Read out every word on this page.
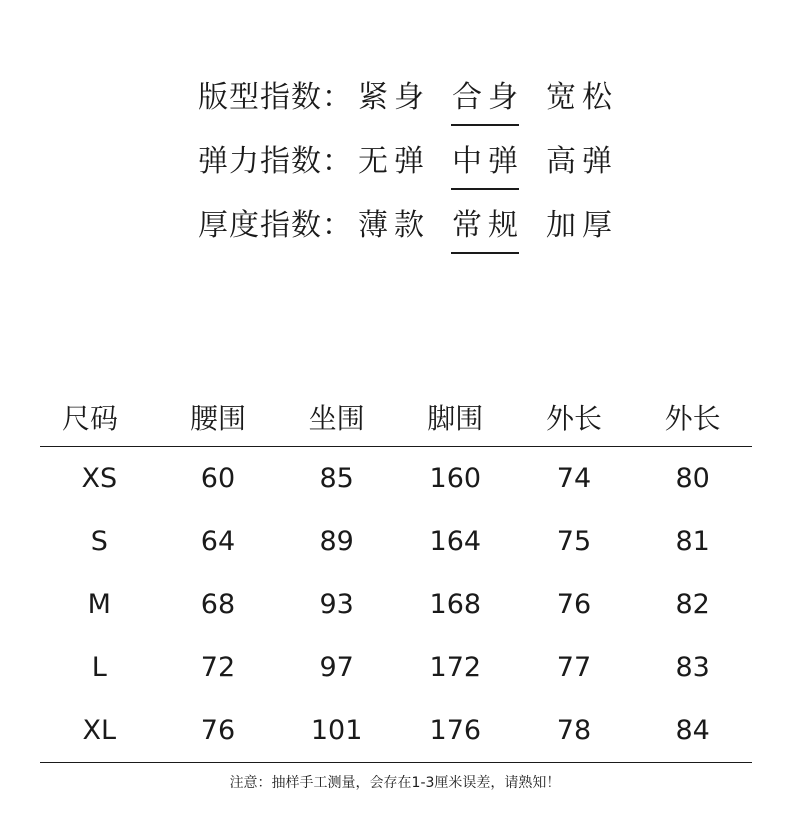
版型指数： 紧身 合身 宽松
弹力指数： 无弹 中弹 高弹
厚度指数： 薄款 常规 加厚
尺码	腰围	坐围	脚围	外长	外长
XS	60	85	160	74	80
S	64	89	164	75	81
M	68	93	168	76	82
L	72	97	172	77	83
XL	76	101	176	78	84
注意：抽样手工测量，会存在1-3厘米误差，请熟知！
